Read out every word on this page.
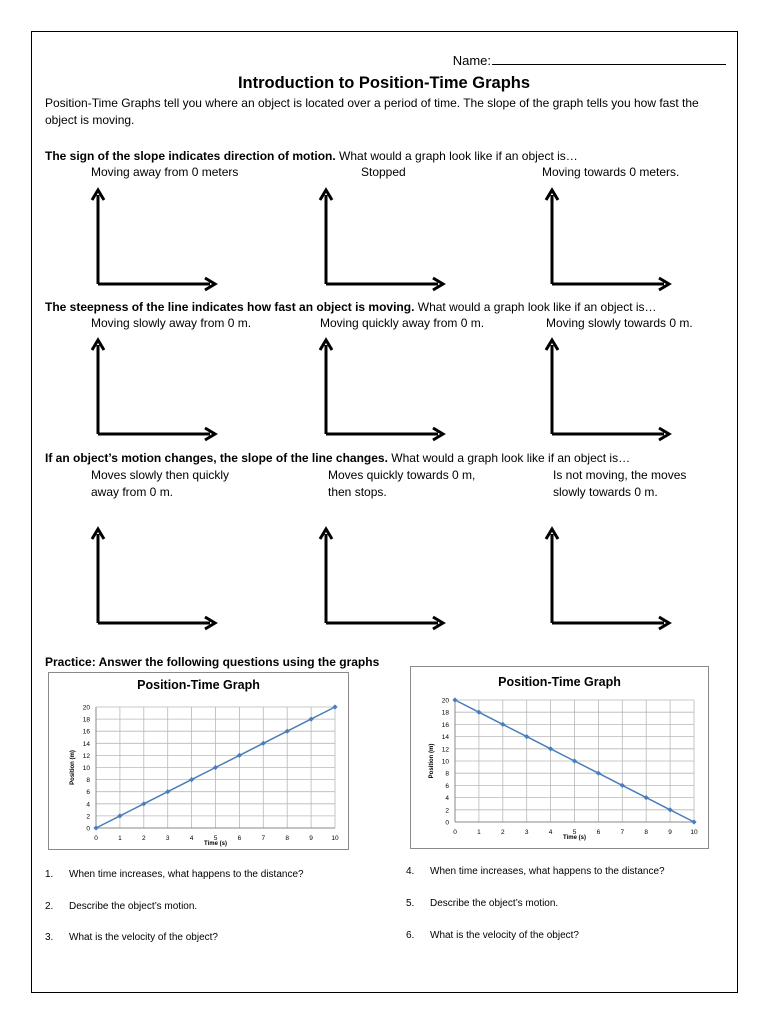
Name:
Introduction to Position-Time Graphs
Position-Time Graphs tell you where an object is located over a period of time. The slope of the graph tells you how fast the object is moving.
The sign of the slope indicates direction of motion. What would a graph look like if an object is…
Moving away from 0 meters	Stopped	Moving towards 0 meters.
The steepness of the line indicates how fast an object is moving. What would a graph look like if an object is…
Moving slowly away from 0 m.	Moving quickly away from 0 m.	Moving slowly towards 0 m.
If an object’s motion changes, the slope of the line changes. What would a graph look like if an object is…
Moves slowly then quickly
away from 0 m.
Moves quickly towards 0 m,
then stops.
Is not moving, the moves
slowly towards 0 m.
Practice: Answer the following questions using the graphs
Position-Time Graph
0
2
4
6
8
10
12
14
16
18
20
0	1	2	3	4	5	6	7	8	9	10
Time (s)
Position (m)
Position-Time Graph
0
2
4
6
8
10
12
14
16
18
20
0	1	2	3	4	5	6	7	8	9	10
Time (s)
Position (m)
1. When time increases, what happens to the distance?
2. Describe the object’s motion.
3. What is the velocity of the object?
4. When time increases, what happens to the distance?
5. Describe the object’s motion.
6. What is the velocity of the object?
